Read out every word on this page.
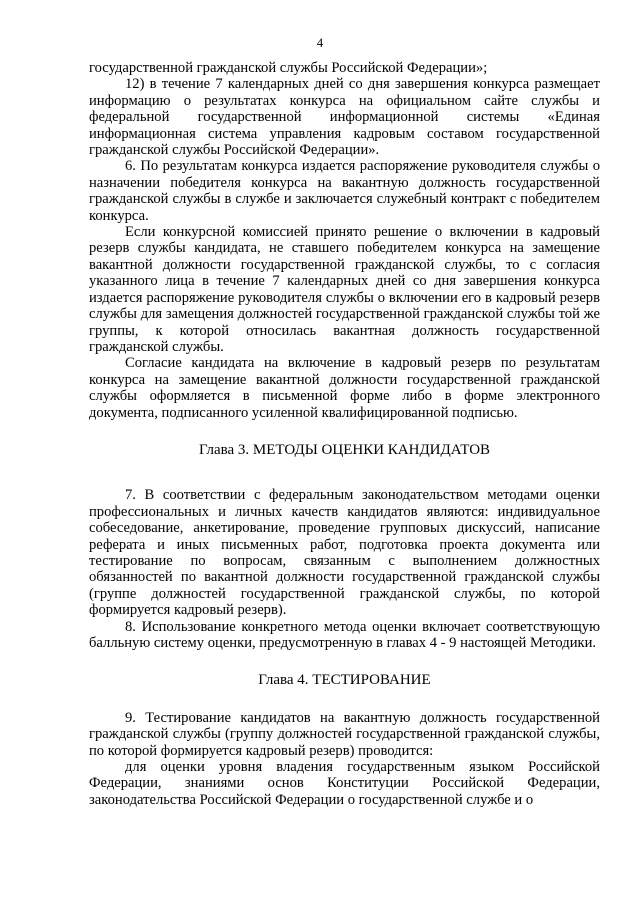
4

государственной гражданской службы Российской Федерации»;

12) в течение 7 календарных дней со дня завершения конкурса размещает информацию о результатах конкурса на официальном сайте службы и федеральной государственной информационной системы «Единая информационная система управления кадровым составом государственной гражданской службы Российской Федерации».

6. По результатам конкурса издается распоряжение руководителя службы о назначении победителя конкурса на вакантную должность государственной гражданской службы в службе и заключается служебный контракт с победителем конкурса.

Если конкурсной комиссией принято решение о включении в кадровый резерв службы кандидата, не ставшего победителем конкурса на замещение вакантной должности государственной гражданской службы, то с согласия указанного лица в течение 7 календарных дней со дня завершения конкурса издается распоряжение руководителя службы о включении его в кадровый резерв службы для замещения должностей государственной гражданской службы той же группы, к которой относилась вакантная должность государственной гражданской службы.

Согласие кандидата на включение в кадровый резерв по результатам конкурса на замещение вакантной должности государственной гражданской службы оформляется в письменной форме либо в форме электронного документа, подписанного усиленной квалифицированной подписью.

Глава 3. МЕТОДЫ ОЦЕНКИ КАНДИДАТОВ

7. В соответствии с федеральным законодательством методами оценки профессиональных и личных качеств кандидатов являются: индивидуальное собеседование, анкетирование, проведение групповых дискуссий, написание реферата и иных письменных работ, подготовка проекта документа или тестирование по вопросам, связанным с выполнением должностных обязанностей по вакантной должности государственной гражданской службы (группе должностей государственной гражданской службы, по которой формируется кадровый резерв).

8. Использование конкретного метода оценки включает соответствующую балльную систему оценки, предусмотренную в главах 4 - 9 настоящей Методики.

Глава 4. ТЕСТИРОВАНИЕ

9. Тестирование кандидатов на вакантную должность государственной гражданской службы (группу должностей государственной гражданской службы, по которой формируется кадровый резерв) проводится:

для оценки уровня владения государственным языком Российской Федерации, знаниями основ Конституции Российской Федерации, законодательства Российской Федерации о государственной службе и о
